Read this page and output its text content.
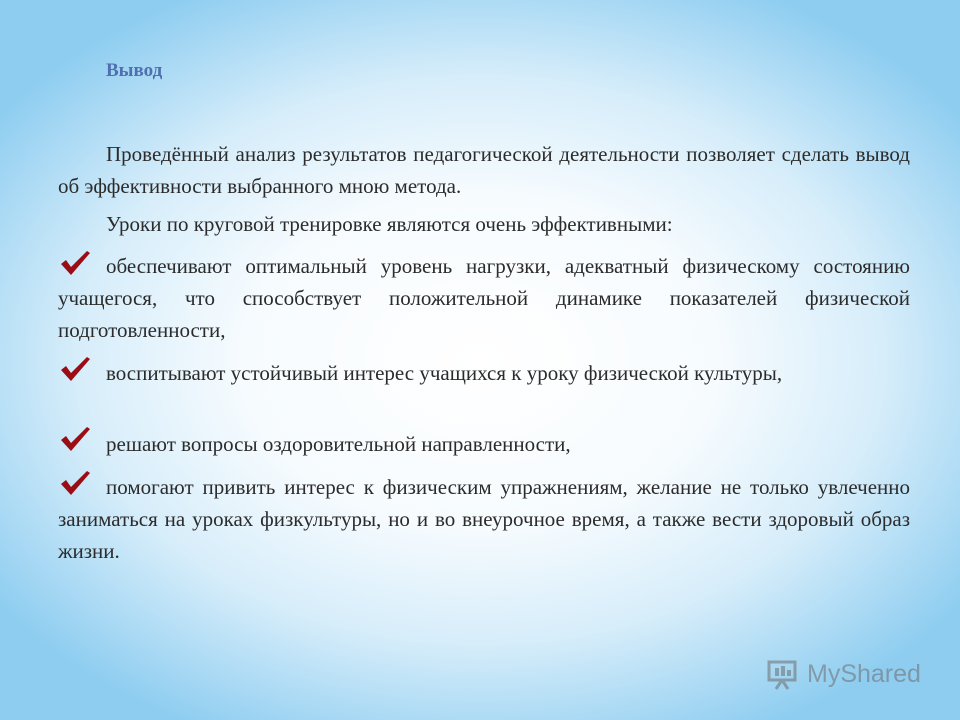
Вывод
Проведённый анализ результатов педагогической деятельности позволяет сделать вывод об эффективности выбранного мною метода.
Уроки по круговой тренировке являются очень эффективными:
обеспечивают оптимальный уровень нагрузки, адекватный физическому состоянию учащегося, что способствует положительной динамике показателей физической подготовленности,
воспитывают устойчивый интерес учащихся к уроку физической культуры,
решают вопросы оздоровительной направленности,
помогают привить интерес к физическим упражнениям, желание не только увлеченно заниматься на уроках физкультуры, но и во внеурочное время, а также вести здоровый образ жизни.
MyShared
